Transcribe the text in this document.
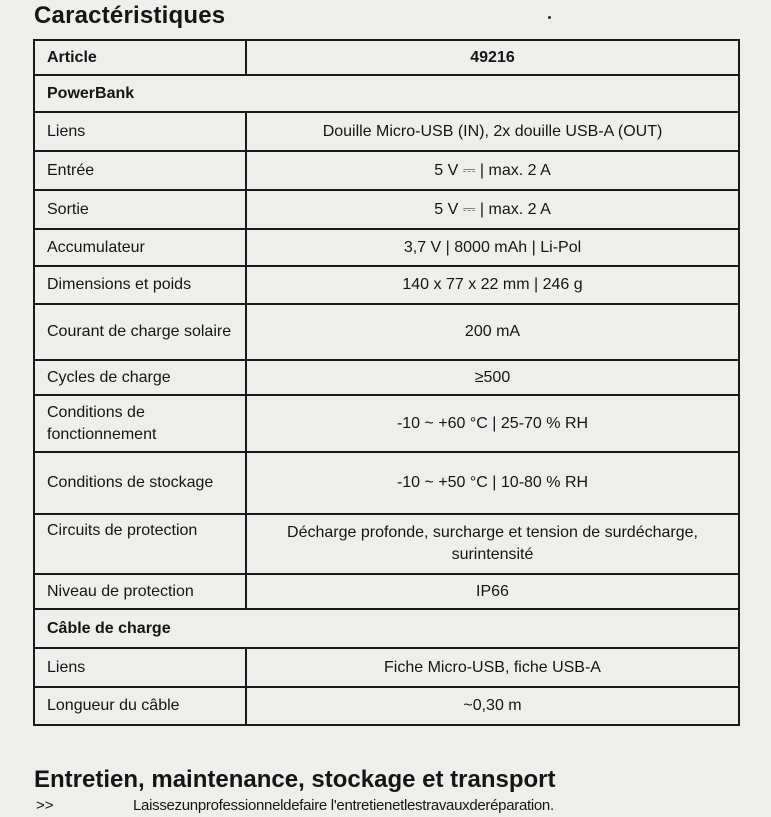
Caractéristiques
Article	49216
PowerBank	
Liens	Douille Micro-USB (IN), 2x douille USB-A (OUT)
Entrée	5 V ⎓ | max. 2 A
Sortie	5 V ⎓ | max. 2 A
Accumulateur	3,7 V | 8000 mAh | Li-Pol
Dimensions et poids	140 x 77 x 22 mm | 246 g
Courant de charge solaire	200 mA
Cycles de charge	≥500
Conditions de fonctionnement	-10 ~ +60 °C | 25-70 % RH
Conditions de stockage	-10 ~ +50 °C | 10-80 % RH
Circuits de protection	Décharge profonde, surcharge et tension de surdécharge, surintensité
Niveau de protection	IP66
Câble de charge	
Liens	Fiche Micro-USB, fiche USB-A
Longueur du câble	~0,30 m
Entretien, maintenance, stockage et transport
>>	Laissezunprofessionneldefaire l'entretienetlestravauxderéparation.
